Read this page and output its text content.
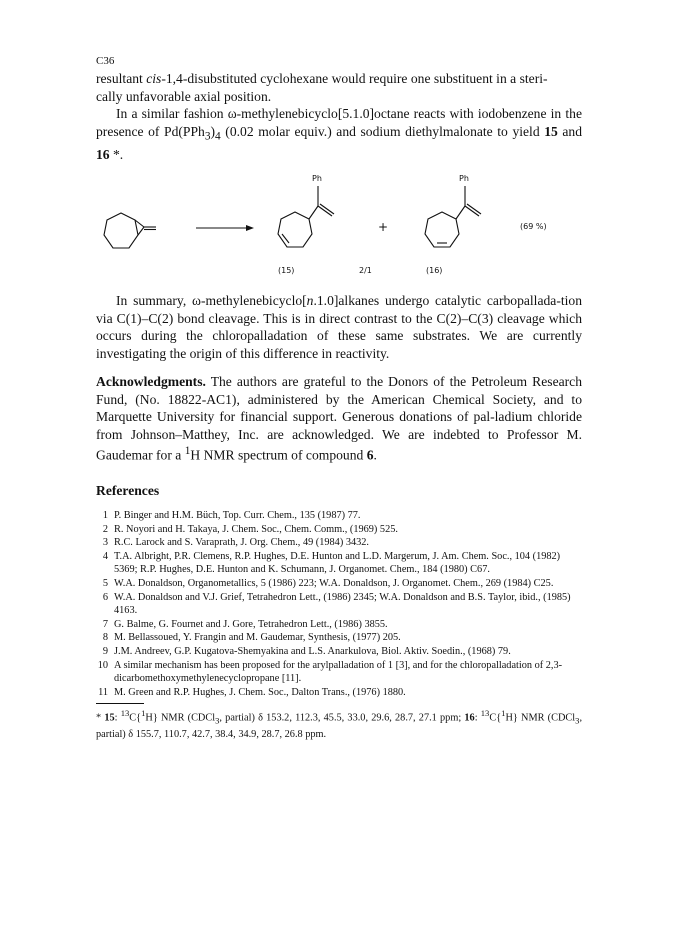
C36

resultant cis-1,4-disubstituted cyclohexane would require one substituent in a steri-
cally unfavorable axial position.

In a similar fashion ω-methylenebicyclo[5.1.0]octane reacts with iodobenzene in the presence of $Pd(PPh_3)_4$ (0.02 molar equiv.) and sodium diethylmalonate to yield 15 and 16 *.

Ph	Ph
+	(69 %)
(15)	2/1	(16)

In summary, ω-methylenebicyclo[n.1.0]alkanes undergo catalytic carbopallada-tion via C(1)–C(2) bond cleavage. This is in direct contrast to the C(2)–C(3) cleavage which occurs during the chloropalladation of these same substrates. We are currently investigating the origin of this difference in reactivity.

Acknowledgments. The authors are grateful to the Donors of the Petroleum Research Fund, (No. 18822-AC1), administered by the American Chemical Society, and to Marquette University for financial support. Generous donations of pal-ladium chloride from Johnson–Matthey, Inc. are acknowledged. We are indebted to Professor M. Gaudemar for a $^1$H NMR spectrum of compound 6.

References
1 P. Binger and H.M. Büch, Top. Curr. Chem., 135 (1987) 77.
2 R. Noyori and H. Takaya, J. Chem. Soc., Chem. Comm., (1969) 525.
3 R.C. Larock and S. Varaprath, J. Org. Chem., 49 (1984) 3432.
4 T.A. Albright, P.R. Clemens, R.P. Hughes, D.E. Hunton and L.D. Margerum, J. Am. Chem. Soc., 104 (1982) 5369; R.P. Hughes, D.E. Hunton and K. Schumann, J. Organomet. Chem., 184 (1980) C67.
5 W.A. Donaldson, Organometallics, 5 (1986) 223; W.A. Donaldson, J. Organomet. Chem., 269 (1984) C25.
6 W.A. Donaldson and V.J. Grief, Tetrahedron Lett., (1986) 2345; W.A. Donaldson and B.S. Taylor, ibid., (1985) 4163.
7 G. Balme, G. Fournet and J. Gore, Tetrahedron Lett., (1986) 3855.
8 M. Bellassoued, Y. Frangin and M. Gaudemar, Synthesis, (1977) 205.
9 J.M. Andreev, G.P. Kugatova-Shemyakina and L.S. Anarkulova, Biol. Aktiv. Soedin., (1968) 79.
10 A similar mechanism has been proposed for the arylpalladation of 1 [3], and for the chloropalladation of 2,3-dicarbomethoxymethylenecyclopropane [11].
11 M. Green and R.P. Hughes, J. Chem. Soc., Dalton Trans., (1976) 1880.

* 15: $^{13}$C{$^1$H} NMR (CDCl$_3$, partial) δ 153.2, 112.3, 45.5, 33.0, 29.6, 28.7, 27.1 ppm; 16: $^{13}$C{$^1$H} NMR (CDCl$_3$, partial) δ 155.7, 110.7, 42.7, 38.4, 34.9, 28.7, 26.8 ppm.
